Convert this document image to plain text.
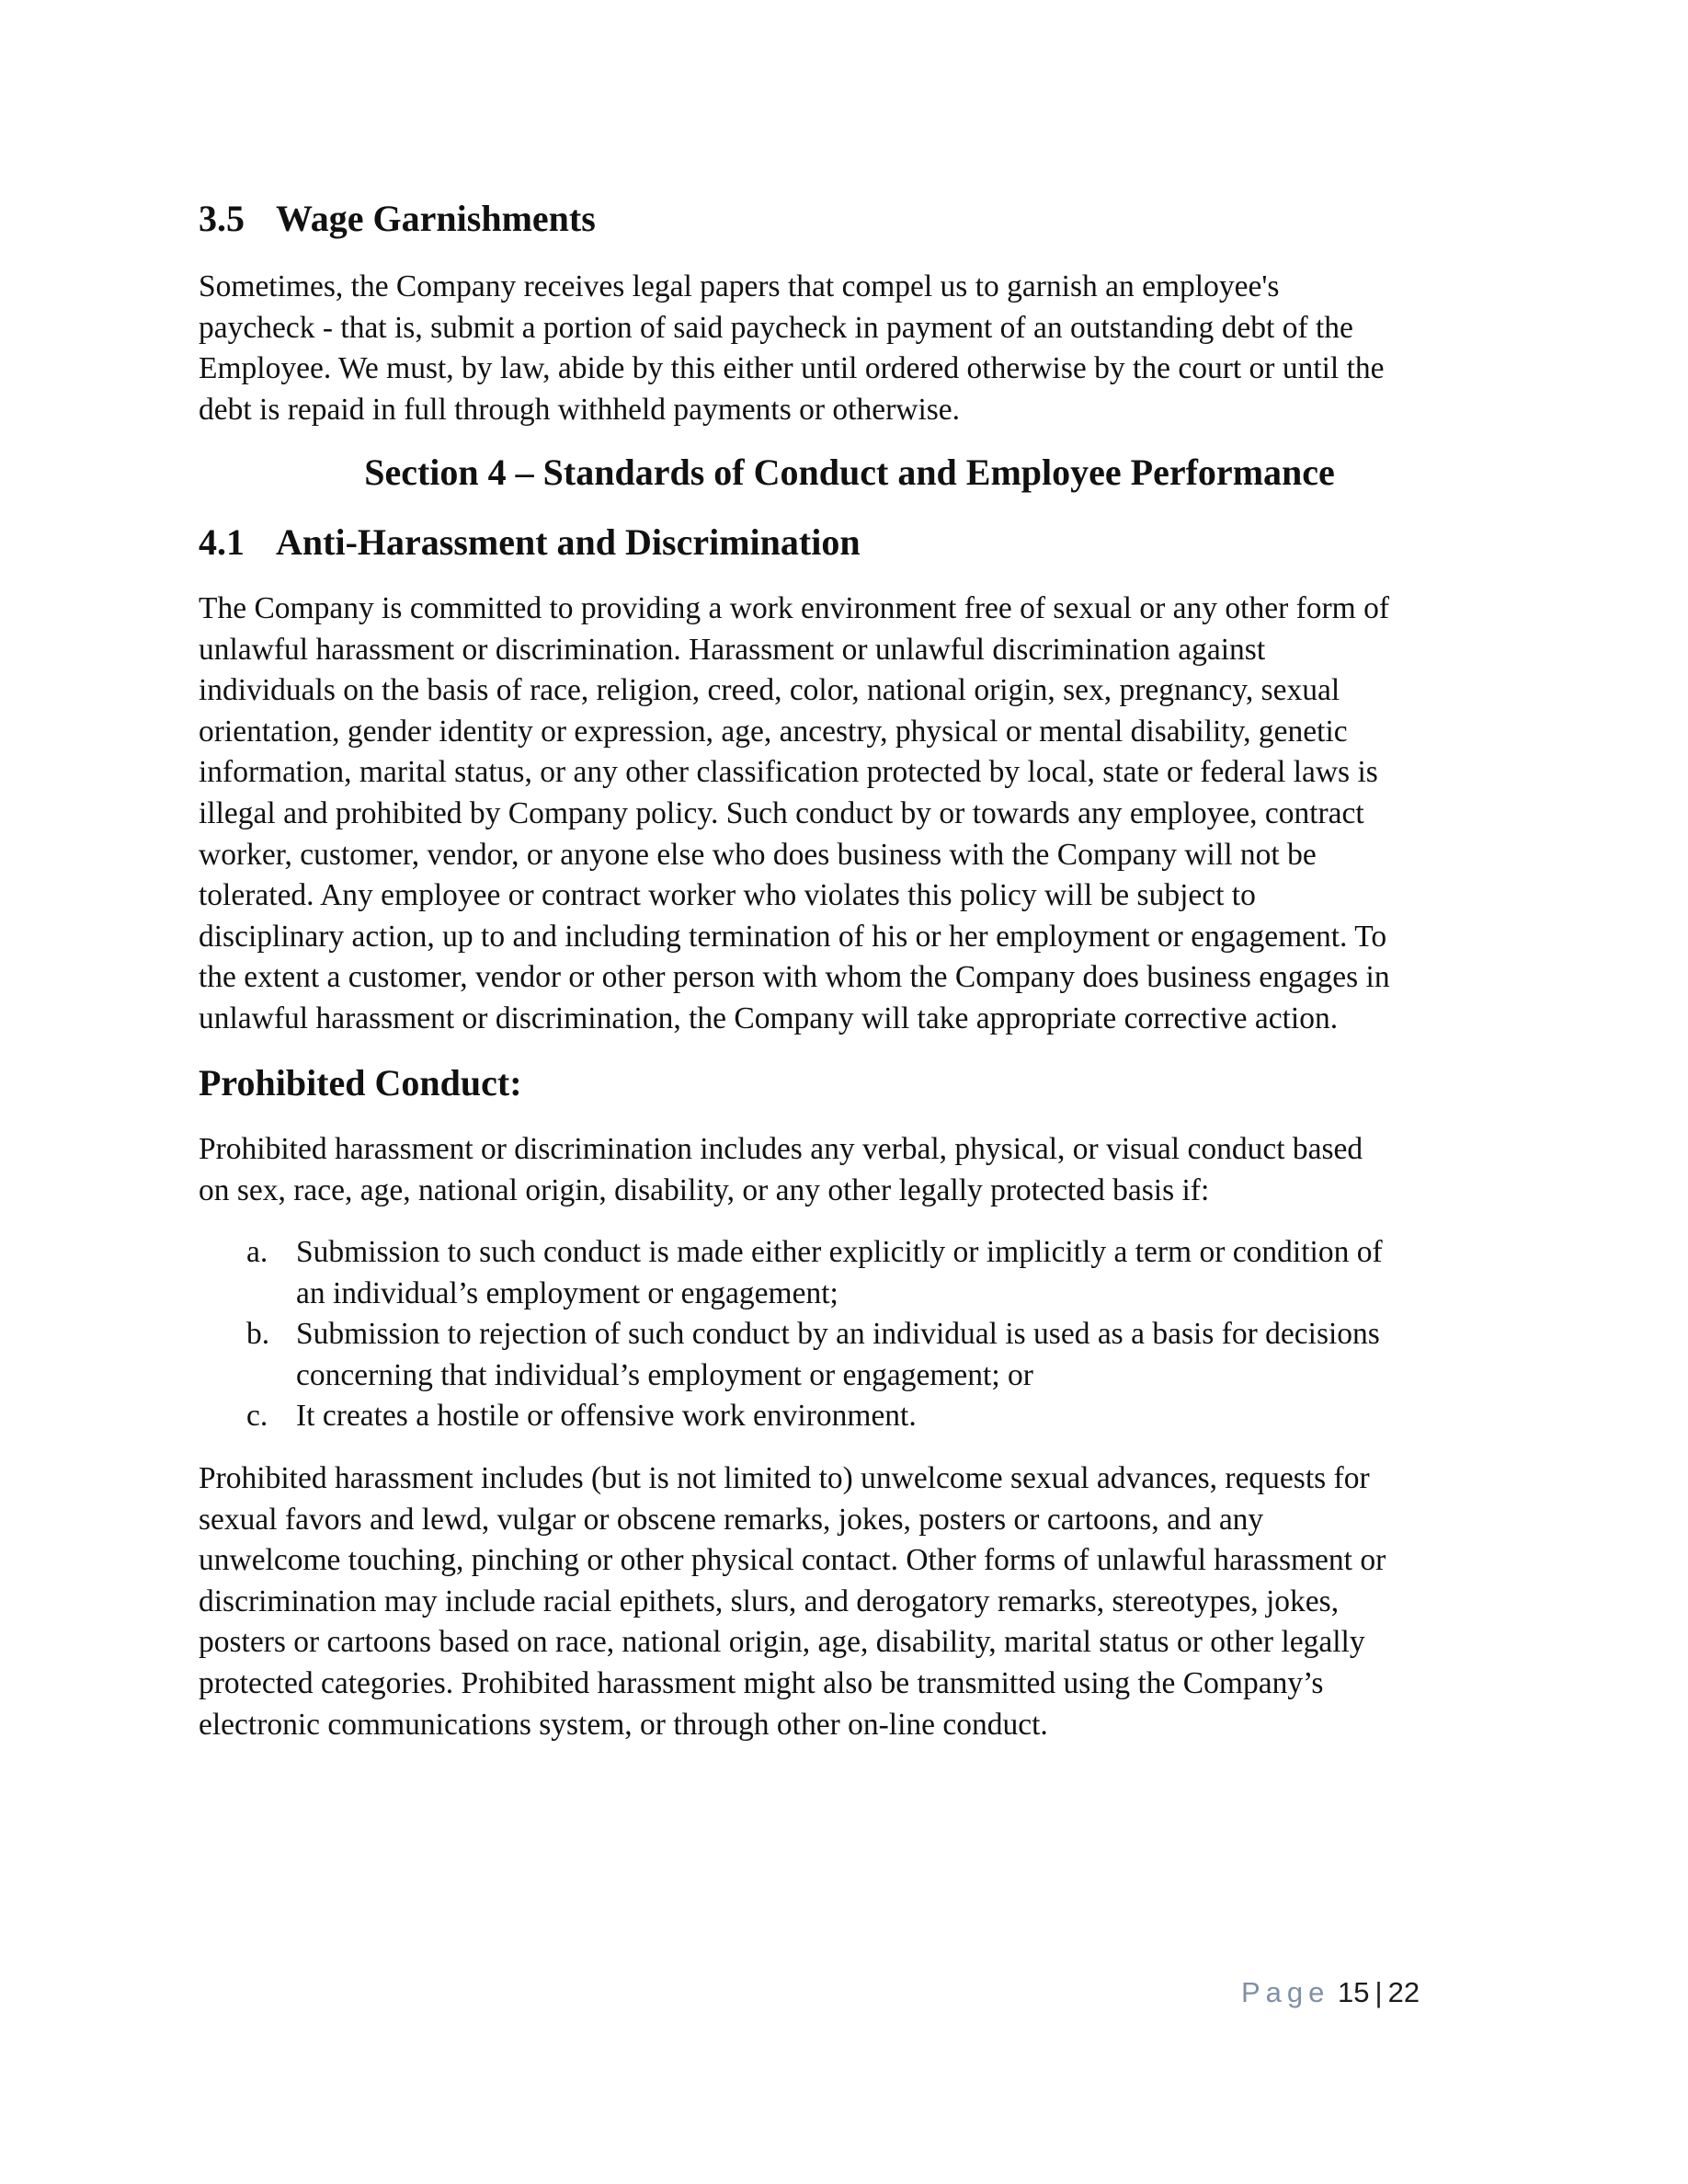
3.5 Wage Garnishments
Sometimes, the Company receives legal papers that compel us to garnish an employee's
paycheck - that is, submit a portion of said paycheck in payment of an outstanding debt of the
Employee. We must, by law, abide by this either until ordered otherwise by the court or until the
debt is repaid in full through withheld payments or otherwise.
Section 4 – Standards of Conduct and Employee Performance
4.1 Anti-Harassment and Discrimination
The Company is committed to providing a work environment free of sexual or any other form of
unlawful harassment or discrimination. Harassment or unlawful discrimination against
individuals on the basis of race, religion, creed, color, national origin, sex, pregnancy, sexual
orientation, gender identity or expression, age, ancestry, physical or mental disability, genetic
information, marital status, or any other classification protected by local, state or federal laws is
illegal and prohibited by Company policy. Such conduct by or towards any employee, contract
worker, customer, vendor, or anyone else who does business with the Company will not be
tolerated. Any employee or contract worker who violates this policy will be subject to
disciplinary action, up to and including termination of his or her employment or engagement. To
the extent a customer, vendor or other person with whom the Company does business engages in
unlawful harassment or discrimination, the Company will take appropriate corrective action.
Prohibited Conduct:
Prohibited harassment or discrimination includes any verbal, physical, or visual conduct based
on sex, race, age, national origin, disability, or any other legally protected basis if:
a. Submission to such conduct is made either explicitly or implicitly a term or condition of
an individual’s employment or engagement;
b. Submission to rejection of such conduct by an individual is used as a basis for decisions
concerning that individual’s employment or engagement; or
c. It creates a hostile or offensive work environment.
Prohibited harassment includes (but is not limited to) unwelcome sexual advances, requests for
sexual favors and lewd, vulgar or obscene remarks, jokes, posters or cartoons, and any
unwelcome touching, pinching or other physical contact. Other forms of unlawful harassment or
discrimination may include racial epithets, slurs, and derogatory remarks, stereotypes, jokes,
posters or cartoons based on race, national origin, age, disability, marital status or other legally
protected categories. Prohibited harassment might also be transmitted using the Company’s
electronic communications system, or through other on-line conduct.
Page 15 | 22
